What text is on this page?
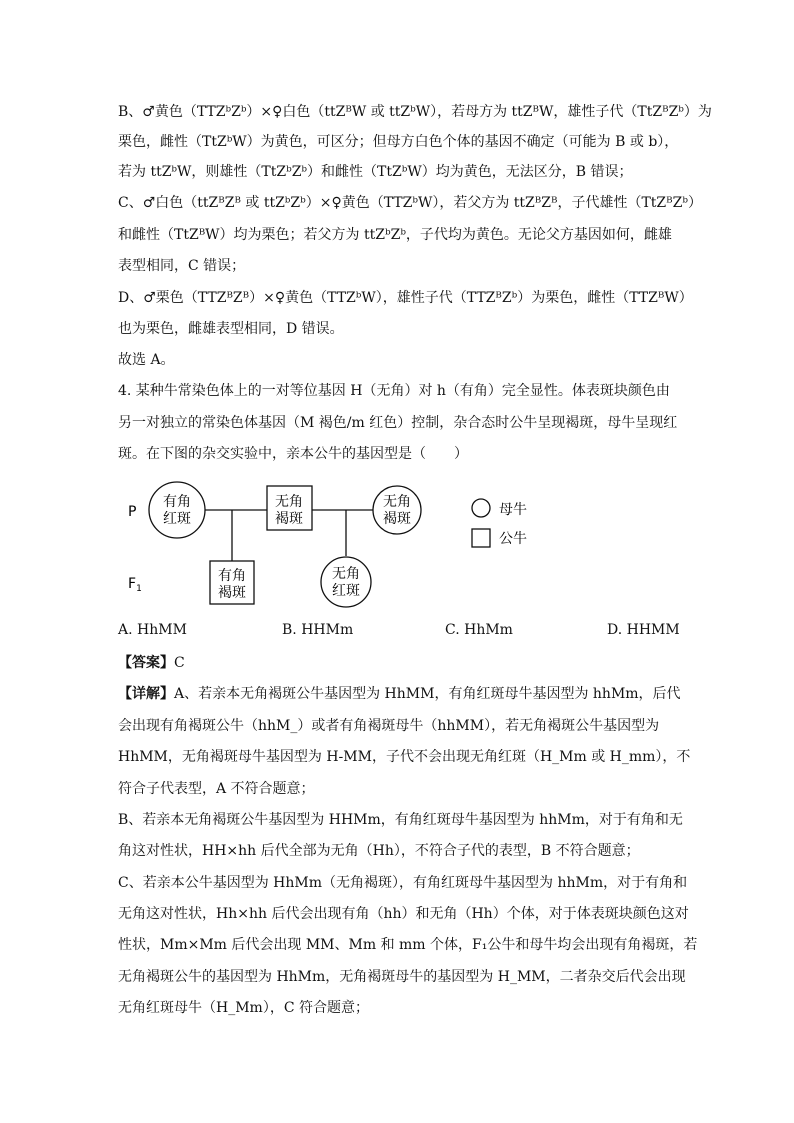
B、♂黄色（TTZᵇZᵇ）×♀白色（ttZᴮW 或 ttZᵇW），若母方为 ttZᴮW，雄性子代（TtZᴮZᵇ）为
栗色，雌性（TtZᵇW）为黄色，可区分；但母方白色个体的基因不确定（可能为 B 或 b），
若为 ttZᵇW，则雄性（TtZᵇZᵇ）和雌性（TtZᵇW）均为黄色，无法区分，B 错误；
C、♂白色（ttZᴮZᴮ 或 ttZᵇZᵇ）×♀黄色（TTZᵇW），若父方为 ttZᴮZᴮ，子代雄性（TtZᴮZᵇ）
和雌性（TtZᴮW）均为栗色；若父方为 ttZᵇZᵇ，子代均为黄色。无论父方基因如何，雌雄
表型相同，C 错误；
D、♂栗色（TTZᴮZᴮ）×♀黄色（TTZᵇW），雄性子代（TTZᴮZᵇ）为栗色，雌性（TTZᴮW）
也为栗色，雌雄表型相同，D 错误。
故选 A。
4. 某种牛常染色体上的一对等位基因 H（无角）对 h（有角）完全显性。体表斑块颜色由
另一对独立的常染色体基因（M 褐色/m 红色）控制，杂合态时公牛呈现褐斑，母牛呈现红
斑。在下图的杂交实验中，亲本公牛的基因型是（　　）
P
$F_1$
有角
红斑
无角
褐斑
无角
褐斑
有角
褐斑
无角
红斑
母牛
公牛
A. HhMM	B. HHMm	C. HhMm	D. HHMM
【答案】C
【详解】A、若亲本无角褐斑公牛基因型为 HhMM，有角红斑母牛基因型为 hhMm，后代
会出现有角褐斑公牛（hhM_）或者有角褐斑母牛（hhMM），若无角褐斑公牛基因型为
HhMM，无角褐斑母牛基因型为 H-MM，子代不会出现无角红斑（H_Mm 或 H_mm），不
符合子代表型，A 不符合题意；
B、若亲本无角褐斑公牛基因型为 HHMm，有角红斑母牛基因型为 hhMm，对于有角和无
角这对性状，HH×hh 后代全部为无角（Hh），不符合子代的表型，B 不符合题意；
C、若亲本公牛基因型为 HhMm（无角褐斑），有角红斑母牛基因型为 hhMm，对于有角和
无角这对性状，Hh×hh 后代会出现有角（hh）和无角（Hh）个体，对于体表斑块颜色这对
性状，Mm×Mm 后代会出现 MM、Mm 和 mm 个体，F₁公牛和母牛均会出现有角褐斑，若
无角褐斑公牛的基因型为 HhMm，无角褐斑母牛的基因型为 H_MM，二者杂交后代会出现
无角红斑母牛（H_Mm），C 符合题意；
